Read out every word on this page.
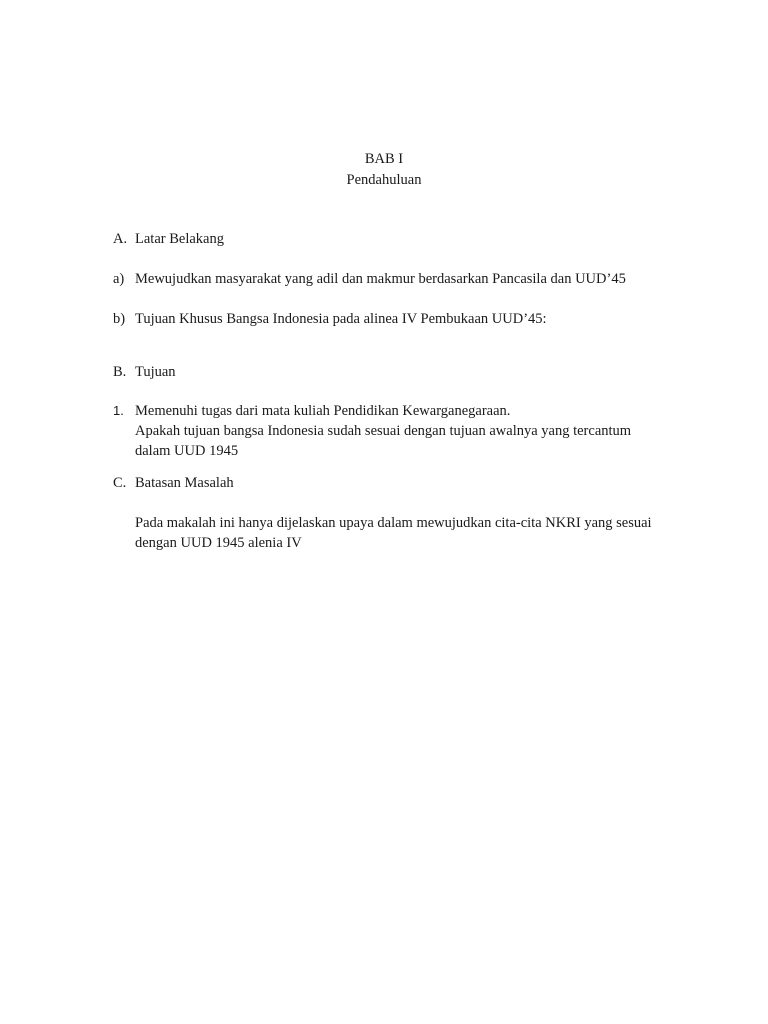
BAB I
Pendahuluan
A. Latar Belakang
a) Mewujudkan masyarakat yang adil dan makmur berdasarkan Pancasila dan UUD’45
b) Tujuan Khusus Bangsa Indonesia pada alinea IV Pembukaan UUD’45:
B. Tujuan
1. Memenuhi tugas dari mata kuliah Pendidikan Kewarganegaraan.
Apakah tujuan bangsa Indonesia sudah sesuai dengan tujuan awalnya yang tercantum
dalam UUD 1945
C. Batasan Masalah
Pada makalah ini hanya dijelaskan upaya dalam mewujudkan cita-cita NKRI yang sesuai
dengan UUD 1945 alenia IV
